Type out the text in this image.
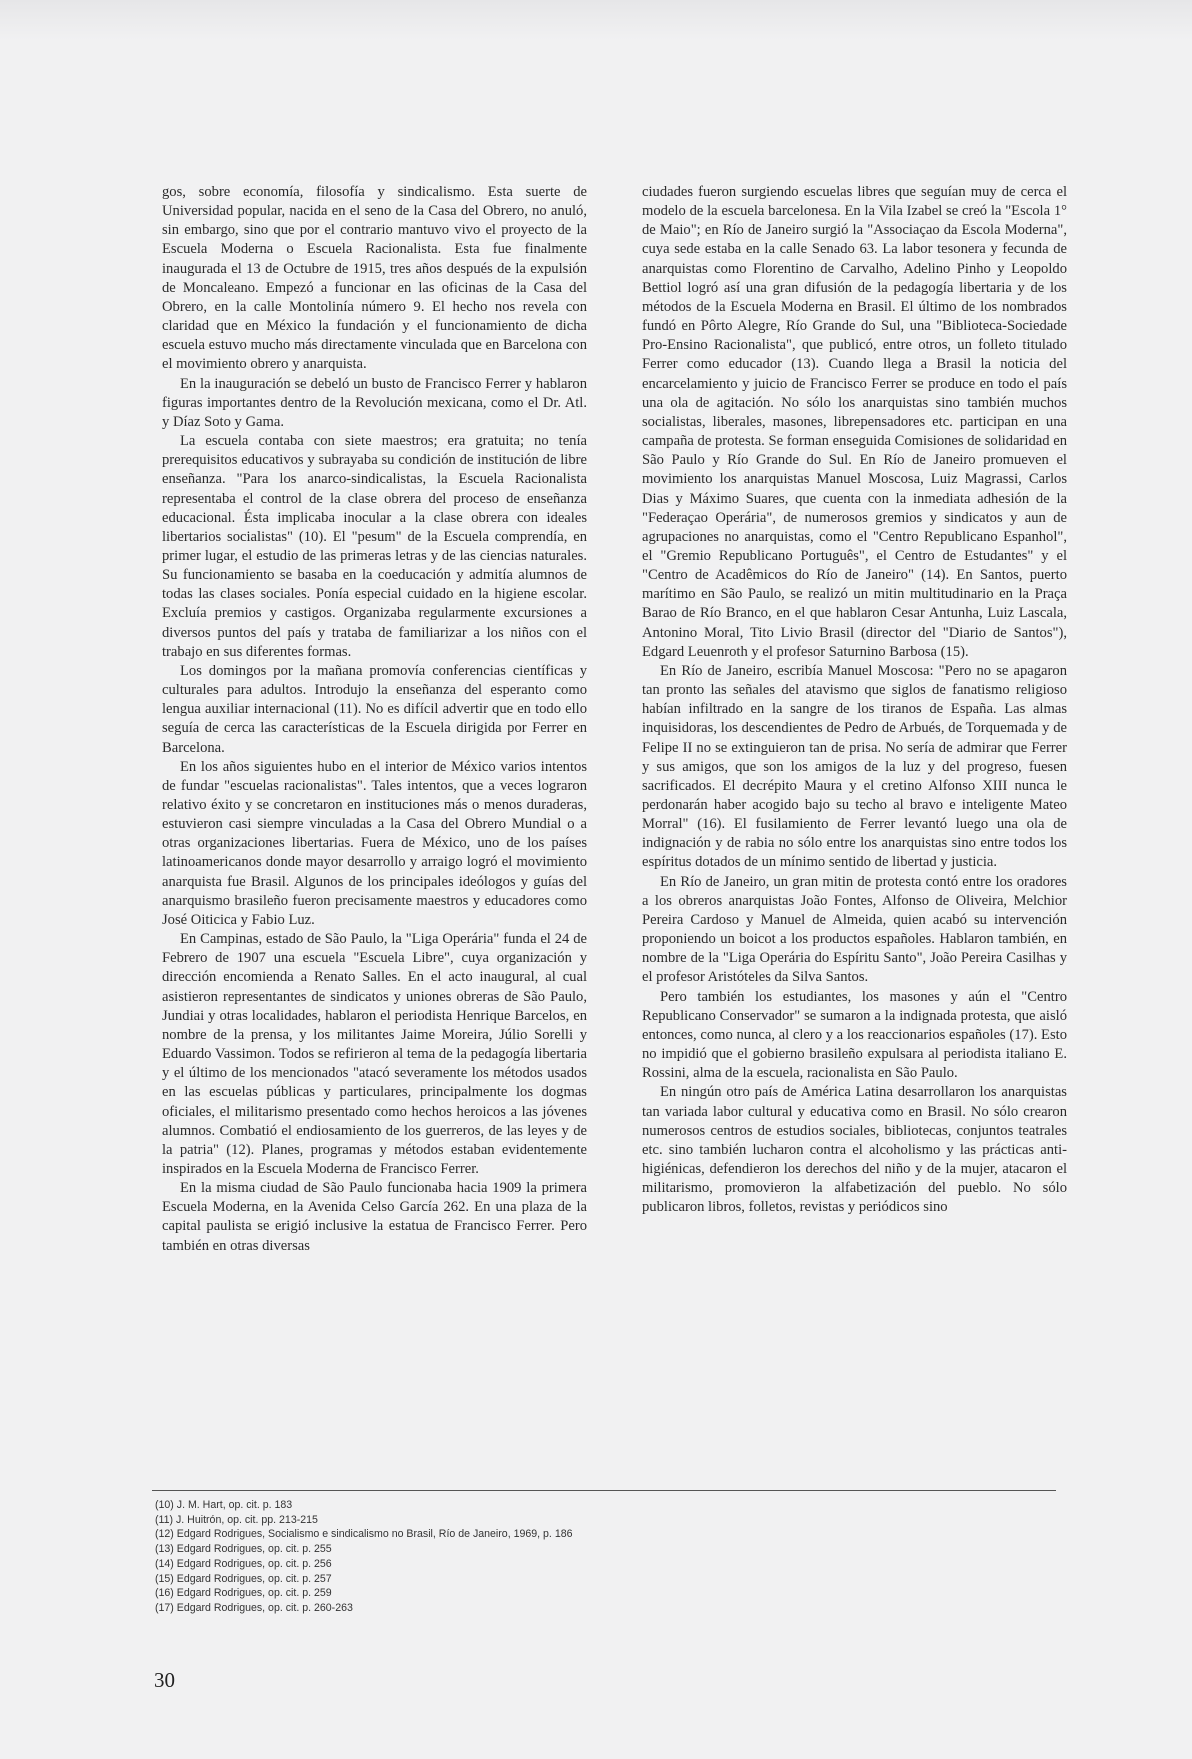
gos, sobre economía, filosofía y sindicalismo. Esta suerte de Universidad popular, nacida en el seno de la Casa del Obrero, no anuló, sin embargo, sino que por el contrario mantuvo vivo el proyecto de la Escuela Moderna o Escuela Racionalista. Esta fue finalmente inaugurada el 13 de Octubre de 1915, tres años después de la expulsión de Moncaleano. Empezó a funcionar en las oficinas de la Casa del Obrero, en la calle Montolinía número 9. El hecho nos revela con claridad que en México la fundación y el funcionamiento de dicha escuela estuvo mucho más directamente vinculada que en Barcelona con el movimiento obrero y anarquista.

En la inauguración se debeló un busto de Francisco Ferrer y hablaron figuras importantes dentro de la Revolución mexicana, como el Dr. Atl. y Díaz Soto y Gama.

La escuela contaba con siete maestros; era gratuita; no tenía prerequisitos educativos y subrayaba su condición de institución de libre enseñanza. "Para los anarco-sindicalistas, la Escuela Racionalista representaba el control de la clase obrera del proceso de enseñanza educacional. Ésta implicaba inocular a la clase obrera con ideales libertarios socialistas" (10). El "pesum" de la Escuela comprendía, en primer lugar, el estudio de las primeras letras y de las ciencias naturales. Su funcionamiento se basaba en la coeducación y admitía alumnos de todas las clases sociales. Ponía especial cuidado en la higiene escolar. Excluía premios y castigos. Organizaba regularmente excursiones a diversos puntos del país y trataba de familiarizar a los niños con el trabajo en sus diferentes formas.

Los domingos por la mañana promovía conferencias científicas y culturales para adultos. Introdujo la enseñanza del esperanto como lengua auxiliar internacional (11). No es difícil advertir que en todo ello seguía de cerca las características de la Escuela dirigida por Ferrer en Barcelona.

En los años siguientes hubo en el interior de México varios intentos de fundar "escuelas racionalistas". Tales intentos, que a veces lograron relativo éxito y se concretaron en instituciones más o menos duraderas, estuvieron casi siempre vinculadas a la Casa del Obrero Mundial o a otras organizaciones libertarias. Fuera de México, uno de los países latinoamericanos donde mayor desarrollo y arraigo logró el movimiento anarquista fue Brasil. Algunos de los principales ideólogos y guías del anarquismo brasileño fueron precisamente maestros y educadores como José Oiticica y Fabio Luz.

En Campinas, estado de São Paulo, la "Liga Operária" funda el 24 de Febrero de 1907 una escuela "Escuela Libre", cuya organización y dirección encomienda a Renato Salles. En el acto inaugural, al cual asistieron representantes de sindicatos y uniones obreras de São Paulo, Jundiai y otras localidades, hablaron el periodista Henrique Barcelos, en nombre de la prensa, y los militantes Jaime Moreira, Júlio Sorelli y Eduardo Vassimon. Todos se refirieron al tema de la pedagogía libertaria y el último de los mencionados "atacó severamente los métodos usados en las escuelas públicas y particulares, principalmente los dogmas oficiales, el militarismo presentado como hechos heroicos a las jóvenes alumnos. Combatió el endiosamiento de los guerreros, de las leyes y de la patria" (12). Planes, programas y métodos estaban evidentemente inspirados en la Escuela Moderna de Francisco Ferrer.

En la misma ciudad de São Paulo funcionaba hacia 1909 la primera Escuela Moderna, en la Avenida Celso García 262. En una plaza de la capital paulista se erigió inclusive la estatua de Francisco Ferrer. Pero también en otras diversas

ciudades fueron surgiendo escuelas libres que seguían muy de cerca el modelo de la escuela barcelonesa. En la Vila Izabel se creó la "Escola 1° de Maio"; en Río de Janeiro surgió la "Associaçao da Escola Moderna", cuya sede estaba en la calle Senado 63. La labor tesonera y fecunda de anarquistas como Florentino de Carvalho, Adelino Pinho y Leopoldo Bettiol logró así una gran difusión de la pedagogía libertaria y de los métodos de la Escuela Moderna en Brasil. El último de los nombrados fundó en Pôrto Alegre, Río Grande do Sul, una "Biblioteca-Sociedade Pro-Ensino Racionalista", que publicó, entre otros, un folleto titulado Ferrer como educador (13). Cuando llega a Brasil la noticia del encarcelamiento y juicio de Francisco Ferrer se produce en todo el país una ola de agitación. No sólo los anarquistas sino también muchos socialistas, liberales, masones, librepensadores etc. participan en una campaña de protesta. Se forman enseguida Comisiones de solidaridad en São Paulo y Río Grande do Sul. En Río de Janeiro promueven el movimiento los anarquistas Manuel Moscosa, Luiz Magrassi, Carlos Dias y Máximo Suares, que cuenta con la inmediata adhesión de la "Federaçao Operária", de numerosos gremios y sindicatos y aun de agrupaciones no anarquistas, como el "Centro Republicano Espanhol", el "Gremio Republicano Português", el Centro de Estudantes" y el "Centro de Acadêmicos do Río de Janeiro" (14). En Santos, puerto marítimo en São Paulo, se realizó un mitin multitudinario en la Praça Barao de Río Branco, en el que hablaron Cesar Antunha, Luiz Lascala, Antonino Moral, Tito Livio Brasil (director del "Diario de Santos"), Edgard Leuenroth y el profesor Saturnino Barbosa (15).

En Río de Janeiro, escribía Manuel Moscosa: "Pero no se apagaron tan pronto las señales del atavismo que siglos de fanatismo religioso habían infiltrado en la sangre de los tiranos de España. Las almas inquisidoras, los descendientes de Pedro de Arbués, de Torquemada y de Felipe II no se extinguieron tan de prisa. No sería de admirar que Ferrer y sus amigos, que son los amigos de la luz y del progreso, fuesen sacrificados. El decrépito Maura y el cretino Alfonso XIII nunca le perdonarán haber acogido bajo su techo al bravo e inteligente Mateo Morral" (16). El fusilamiento de Ferrer levantó luego una ola de indignación y de rabia no sólo entre los anarquistas sino entre todos los espíritus dotados de un mínimo sentido de libertad y justicia.

En Río de Janeiro, un gran mitin de protesta contó entre los oradores a los obreros anarquistas João Fontes, Alfonso de Oliveira, Melchior Pereira Cardoso y Manuel de Almeida, quien acabó su intervención proponiendo un boicot a los productos españoles. Hablaron también, en nombre de la "Liga Operária do Espíritu Santo", João Pereira Casilhas y el profesor Aristóteles da Silva Santos.

Pero también los estudiantes, los masones y aún el "Centro Republicano Conservador" se sumaron a la indignada protesta, que aisló entonces, como nunca, al clero y a los reaccionarios españoles (17). Esto no impidió que el gobierno brasileño expulsara al periodista italiano E. Rossini, alma de la escuela, racionalista en São Paulo.

En ningún otro país de América Latina desarrollaron los anarquistas tan variada labor cultural y educativa como en Brasil. No sólo crearon numerosos centros de estudios sociales, bibliotecas, conjuntos teatrales etc. sino también lucharon contra el alcoholismo y las prácticas anti-higiénicas, defendieron los derechos del niño y de la mujer, atacaron el militarismo, promovieron la alfabetización del pueblo. No sólo publicaron libros, folletos, revistas y periódicos sino

(10) J. M. Hart, op. cit. p. 183
(11) J. Huitrón, op. cit. pp. 213-215
(12) Edgard Rodrigues, Socialismo e sindicalismo no Brasil, Río de Janeiro, 1969, p. 186
(13) Edgard Rodrigues, op. cit. p. 255
(14) Edgard Rodrigues, op. cit. p. 256
(15) Edgard Rodrigues, op. cit. p. 257
(16) Edgard Rodrigues, op. cit. p. 259
(17) Edgard Rodrigues, op. cit. p. 260-263
30
